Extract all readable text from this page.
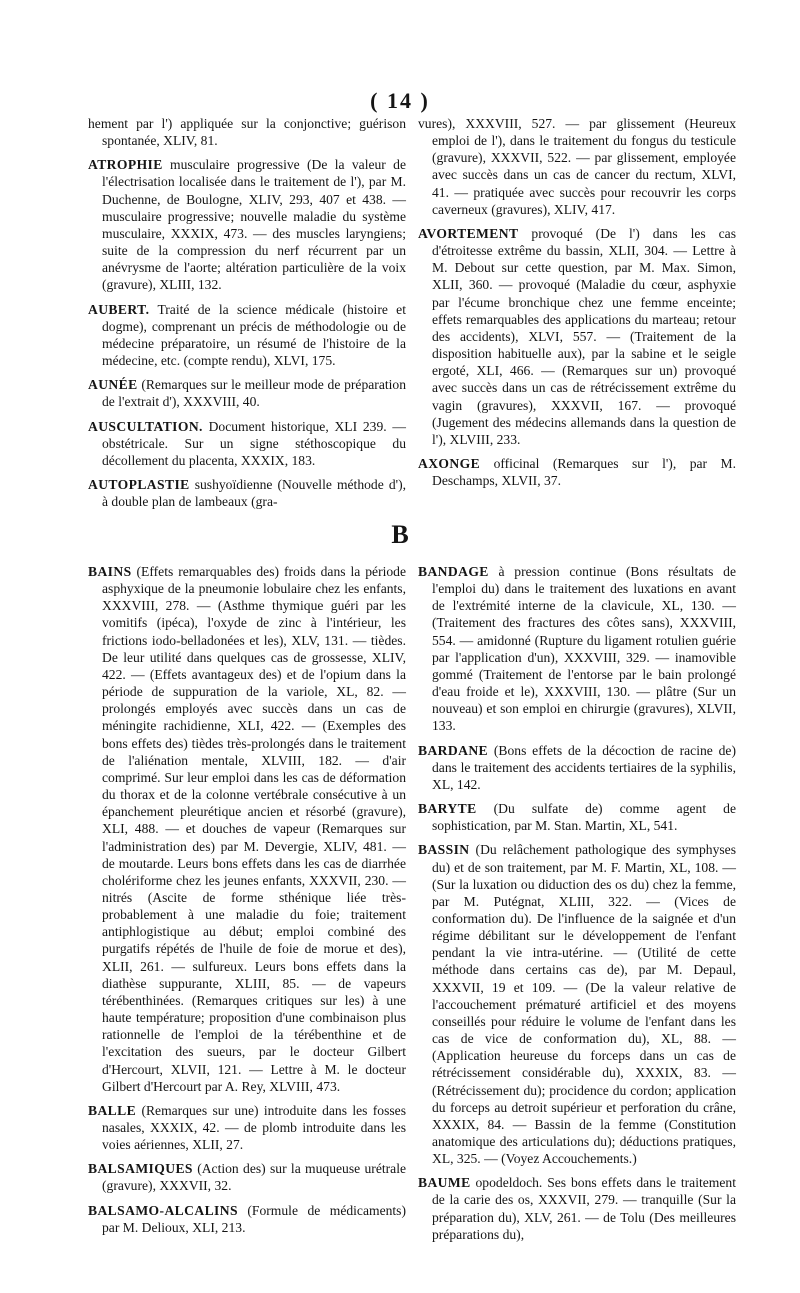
( 14 )

hement par l') appliquée sur la conjonctive; guérison spontanée, XLIV, 81.

ATROPHIE musculaire progressive (De la valeur de l'électrisation localisée dans le traitement de l'), par M. Duchenne, de Boulogne, XLIV, 293, 407 et 438. — musculaire progressive; nouvelle maladie du système musculaire, XXXIX, 473. — des muscles laryngiens; suite de la compression du nerf récurrent par un anévrysme de l'aorte; altération particulière de la voix (gravure), XLIII, 132.

AUBERT. Traité de la science médicale (histoire et dogme), comprenant un précis de méthodologie ou de médecine préparatoire, un résumé de l'histoire de la médecine, etc. (compte rendu), XLVI, 175.

AUNÉE (Remarques sur le meilleur mode de préparation de l'extrait d'), XXXVIII, 40.

AUSCULTATION. Document historique, XLI 239. — obstétricale. Sur un signe stéthoscopique du décollement du placenta, XXXIX, 183.

AUTOPLASTIE sushyoïdienne (Nouvelle méthode d'), à double plan de lambeaux (gra-

vures), XXXVIII, 527. — par glissement (Heureux emploi de l'), dans le traitement du fongus du testicule (gravure), XXXVII, 522. — par glissement, employée avec succès dans un cas de cancer du rectum, XLVI, 41. — pratiquée avec succès pour recouvrir les corps caverneux (gravures), XLIV, 417.

AVORTEMENT provoqué (De l') dans les cas d'étroitesse extrême du bassin, XLII, 304. — Lettre à M. Debout sur cette question, par M. Max. Simon, XLII, 360. — provoqué (Maladie du cœur, asphyxie par l'écume bronchique chez une femme enceinte; effets remarquables des applications du marteau; retour des accidents), XLVI, 557. — (Traitement de la disposition habituelle aux), par la sabine et le seigle ergoté, XLI, 466. — (Remarques sur un) provoqué avec succès dans un cas de rétrécissement extrême du vagin (gravures), XXXVII, 167. — provoqué (Jugement des médecins allemands dans la question de l'), XLVIII, 233.

AXONGE officinal (Remarques sur l'), par M. Deschamps, XLVII, 37.

B

BAINS (Effets remarquables des) froids dans la période asphyxique de la pneumonie lobulaire chez les enfants, XXXVIII, 278. — (Asthme thymique guéri par les vomitifs (ipéca), l'oxyde de zinc à l'intérieur, les frictions iodo-belladonées et les), XLV, 131. — tièdes. De leur utilité dans quelques cas de grossesse, XLIV, 422. — (Effets avantageux des) et de l'opium dans la période de suppuration de la variole, XL, 82. — prolongés employés avec succès dans un cas de méningite rachidienne, XLI, 422. — (Exemples des bons effets des) tièdes très-prolongés dans le traitement de l'aliénation mentale, XLVIII, 182. — d'air comprimé. Sur leur emploi dans les cas de déformation du thorax et de la colonne vertébrale consécutive à un épanchement pleurétique ancien et résorbé (gravure), XLI, 488. — et douches de vapeur (Remarques sur l'administration des) par M. Devergie, XLIV, 481. — de moutarde. Leurs bons effets dans les cas de diarrhée cholériforme chez les jeunes enfants, XXXVII, 230. — nitrés (Ascite de forme sthénique liée très-probablement à une maladie du foie; traitement antiphlogistique au début; emploi combiné des purgatifs répétés de l'huile de foie de morue et des), XLII, 261. — sulfureux. Leurs bons effets dans la diathèse suppurante, XLIII, 85. — de vapeurs térébenthinées. (Remarques critiques sur les) à une haute température; proposition d'une combinaison plus rationnelle de l'emploi de la térébenthine et de l'excitation des sueurs, par le docteur Gilbert d'Hercourt, XLVII, 121. — Lettre à M. le docteur Gilbert d'Hercourt par A. Rey, XLVIII, 473.

BALLE (Remarques sur une) introduite dans les fosses nasales, XXXIX, 42. — de plomb introduite dans les voies aériennes, XLII, 27.

BALSAMIQUES (Action des) sur la muqueuse urétrale (gravure), XXXVII, 32.

BALSAMO-ALCALINS (Formule de médicaments) par M. Delioux, XLI, 213.

BANDAGE à pression continue (Bons résultats de l'emploi du) dans le traitement des luxations en avant de l'extrémité interne de la clavicule, XL, 130. — (Traitement des fractures des côtes sans), XXXVIII, 554. — amidonné (Rupture du ligament rotulien guérie par l'application d'un), XXXVIII, 329. — inamovible gommé (Traitement de l'entorse par le bain prolongé d'eau froide et le), XXXVIII, 130. — plâtre (Sur un nouveau) et son emploi en chirurgie (gravures), XLVII, 133.

BARDANE (Bons effets de la décoction de racine de) dans le traitement des accidents tertiaires de la syphilis, XL, 142.

BARYTE (Du sulfate de) comme agent de sophistication, par M. Stan. Martin, XL, 541.

BASSIN (Du relâchement pathologique des symphyses du) et de son traitement, par M. F. Martin, XL, 108. — (Sur la luxation ou diduction des os du) chez la femme, par M. Putégnat, XLIII, 322. — (Vices de conformation du). De l'influence de la saignée et d'un régime débilitant sur le développement de l'enfant pendant la vie intra-utérine. — (Utilité de cette méthode dans certains cas de), par M. Depaul, XXXVII, 19 et 109. — (De la valeur relative de l'accouchement prématuré artificiel et des moyens conseillés pour réduire le volume de l'enfant dans les cas de vice de conformation du), XL, 88. — (Application heureuse du forceps dans un cas de rétrécissement considérable du), XXXIX, 83. — (Rétrécissement du); procidence du cordon; application du forceps au detroit supérieur et perforation du crâne, XXXIX, 84. — Bassin de la femme (Constitution anatomique des articulations du); déductions pratiques, XL, 325. — (Voyez Accouchements.)

BAUME opodeldoch. Ses bons effets dans le traitement de la carie des os, XXXVII, 279. — tranquille (Sur la préparation du), XLV, 261. — de Tolu (Des meilleures préparations du),
